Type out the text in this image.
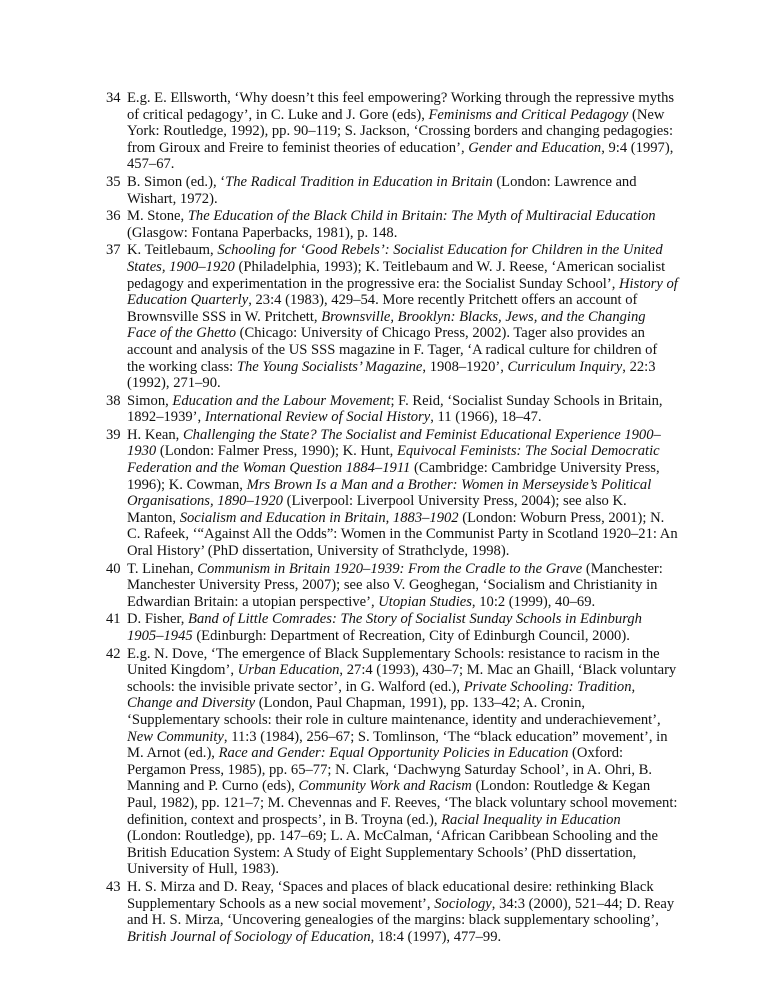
34 E.g. E. Ellsworth, ‘Why doesn’t this feel empowering? Working through the repressive myths of critical pedagogy’, in C. Luke and J. Gore (eds), Feminisms and Critical Pedagogy (New York: Routledge, 1992), pp. 90–119; S. Jackson, ‘Crossing borders and changing pedagogies: from Giroux and Freire to feminist theories of education’, Gender and Education, 9:4 (1997), 457–67.
35 B. Simon (ed.), ‘The Radical Tradition in Education in Britain (London: Lawrence and Wishart, 1972).
36 M. Stone, The Education of the Black Child in Britain: The Myth of Multiracial Education (Glasgow: Fontana Paperbacks, 1981), p. 148.
37 K. Teitlebaum, Schooling for ‘Good Rebels’: Socialist Education for Children in the United States, 1900–1920 (Philadelphia, 1993); K. Teitlebaum and W. J. Reese, ‘American socialist pedagogy and experimentation in the progressive era: the Socialist Sunday School’, History of Education Quarterly, 23:4 (1983), 429–54. More recently Pritchett offers an account of Brownsville SSS in W. Pritchett, Brownsville, Brooklyn: Blacks, Jews, and the Changing Face of the Ghetto (Chicago: University of Chicago Press, 2002). Tager also provides an account and analysis of the US SSS magazine in F. Tager, ‘A radical culture for children of the working class: The Young Socialists’ Magazine, 1908–1920’, Curriculum Inquiry, 22:3 (1992), 271–90.
38 Simon, Education and the Labour Movement; F. Reid, ‘Socialist Sunday Schools in Britain, 1892–1939’, International Review of Social History, 11 (1966), 18–47.
39 H. Kean, Challenging the State? The Socialist and Feminist Educational Experience 1900–1930 (London: Falmer Press, 1990); K. Hunt, Equivocal Feminists: The Social Democratic Federation and the Woman Question 1884–1911 (Cambridge: Cambridge University Press, 1996); K. Cowman, Mrs Brown Is a Man and a Brother: Women in Merseyside’s Political Organisations, 1890–1920 (Liverpool: Liverpool University Press, 2004); see also K. Manton, Socialism and Education in Britain, 1883–1902 (London: Woburn Press, 2001); N. C. Rafeek, ‘“Against All the Odds”: Women in the Communist Party in Scotland 1920–21: An Oral History’ (PhD dissertation, University of Strathclyde, 1998).
40 T. Linehan, Communism in Britain 1920–1939: From the Cradle to the Grave (Manchester: Manchester University Press, 2007); see also V. Geoghegan, ‘Socialism and Christianity in Edwardian Britain: a utopian perspective’, Utopian Studies, 10:2 (1999), 40–69.
41 D. Fisher, Band of Little Comrades: The Story of Socialist Sunday Schools in Edinburgh 1905–1945 (Edinburgh: Department of Recreation, City of Edinburgh Council, 2000).
42 E.g. N. Dove, ‘The emergence of Black Supplementary Schools: resistance to racism in the United Kingdom’, Urban Education, 27:4 (1993), 430–7; M. Mac an Ghaill, ‘Black voluntary schools: the invisible private sector’, in G. Walford (ed.), Private Schooling: Tradition, Change and Diversity (London, Paul Chapman, 1991), pp. 133–42; A. Cronin, ‘Supplementary schools: their role in culture maintenance, identity and underachievement’, New Community, 11:3 (1984), 256–67; S. Tomlinson, ‘The “black education” movement’, in M. Arnot (ed.), Race and Gender: Equal Opportunity Policies in Education (Oxford: Pergamon Press, 1985), pp. 65–77; N. Clark, ‘Dachwyng Saturday School’, in A. Ohri, B. Manning and P. Curno (eds), Community Work and Racism (London: Routledge & Kegan Paul, 1982), pp. 121–7; M. Chevennas and F. Reeves, ‘The black voluntary school movement: definition, context and prospects’, in B. Troyna (ed.), Racial Inequality in Education (London: Routledge), pp. 147–69; L. A. McCalman, ‘African Caribbean Schooling and the British Education System: A Study of Eight Supplementary Schools’ (PhD dissertation, University of Hull, 1983).
43 H. S. Mirza and D. Reay, ‘Spaces and places of black educational desire: rethinking Black Supplementary Schools as a new social movement’, Sociology, 34:3 (2000), 521–44; D. Reay and H. S. Mirza, ‘Uncovering genealogies of the margins: black supplementary schooling’, British Journal of Sociology of Education, 18:4 (1997), 477–99.
